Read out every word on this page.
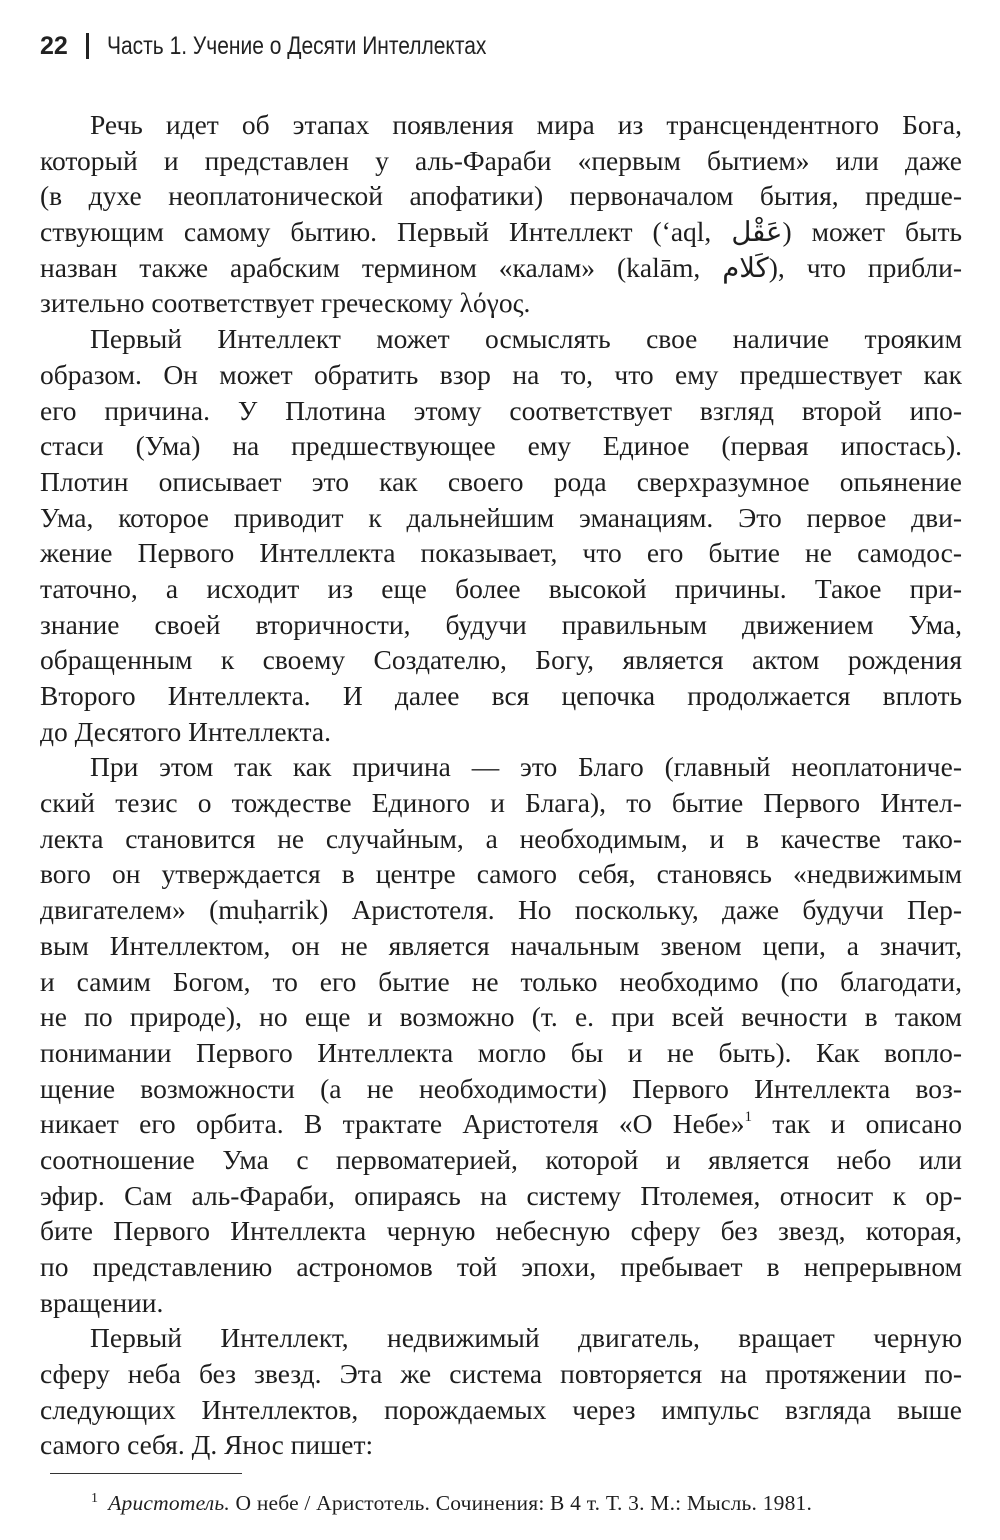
22 Часть 1. Учение о Десяти Интеллектах
Речь идет об этапах появления мира из трансцендентного Бога,
который и представлен у аль-Фараби «первым бытием» или даже
(в духе неоплатонической апофатики) первоначалом бытия, предше-
ствующим самому бытию. Первый Интеллект (‘aql, عَقْل) может быть
назван также арабским термином «калам» (kalām, كَلام), что прибли-
зительно соответствует греческому λόγος.
Первый Интеллект может осмыслять свое наличие трояким
образом. Он может обратить взор на то, что ему предшествует как
его причина. У Плотина этому соответствует взгляд второй ипо-
стаси (Ума) на предшествующее ему Единое (первая ипостась).
Плотин описывает это как своего рода сверхразумное опьянение
Ума, которое приводит к дальнейшим эманациям. Это первое дви-
жение Первого Интеллекта показывает, что его бытие не самодос-
таточно, а исходит из еще более высокой причины. Такое при-
знание своей вторичности, будучи правильным движением Ума,
обращенным к своему Создателю, Богу, является актом рождения
Второго Интеллекта. И далее вся цепочка продолжается вплоть
до Десятого Интеллекта.
При этом так как причина — это Благо (главный неоплатониче-
ский тезис о тождестве Единого и Блага), то бытие Первого Интел-
лекта становится не случайным, а необходимым, и в качестве тако-
вого он утверждается в центре самого себя, становясь «недвижимым
двигателем» (muḥarrik) Аристотеля. Но поскольку, даже будучи Пер-
вым Интеллектом, он не является начальным звеном цепи, а значит,
и самим Богом, то его бытие не только необходимо (по благодати,
не по природе), но еще и возможно (т. е. при всей вечности в таком
понимании Первого Интеллекта могло бы и не быть). Как вопло-
щение возможности (а не необходимости) Первого Интеллекта воз-
никает его орбита. В трактате Аристотеля «О Небе»$^1$ так и описано
соотношение Ума с первоматерией, которой и является небо или
эфир. Сам аль-Фараби, опираясь на систему Птолемея, относит к ор-
бите Первого Интеллекта черную небесную сферу без звезд, которая,
по представлению астрономов той эпохи, пребывает в непрерывном
вращении.
Первый Интеллект, недвижимый двигатель, вращает черную
сферу неба без звезд. Эта же система повторяется на протяжении по-
следующих Интеллектов, порождаемых через импульс взгляда выше
самого себя. Д. Янос пишет:
$^1$ Аристотель. О небе / Аристотель. Сочинения: В 4 т. Т. 3. М.: Мысль. 1981.
